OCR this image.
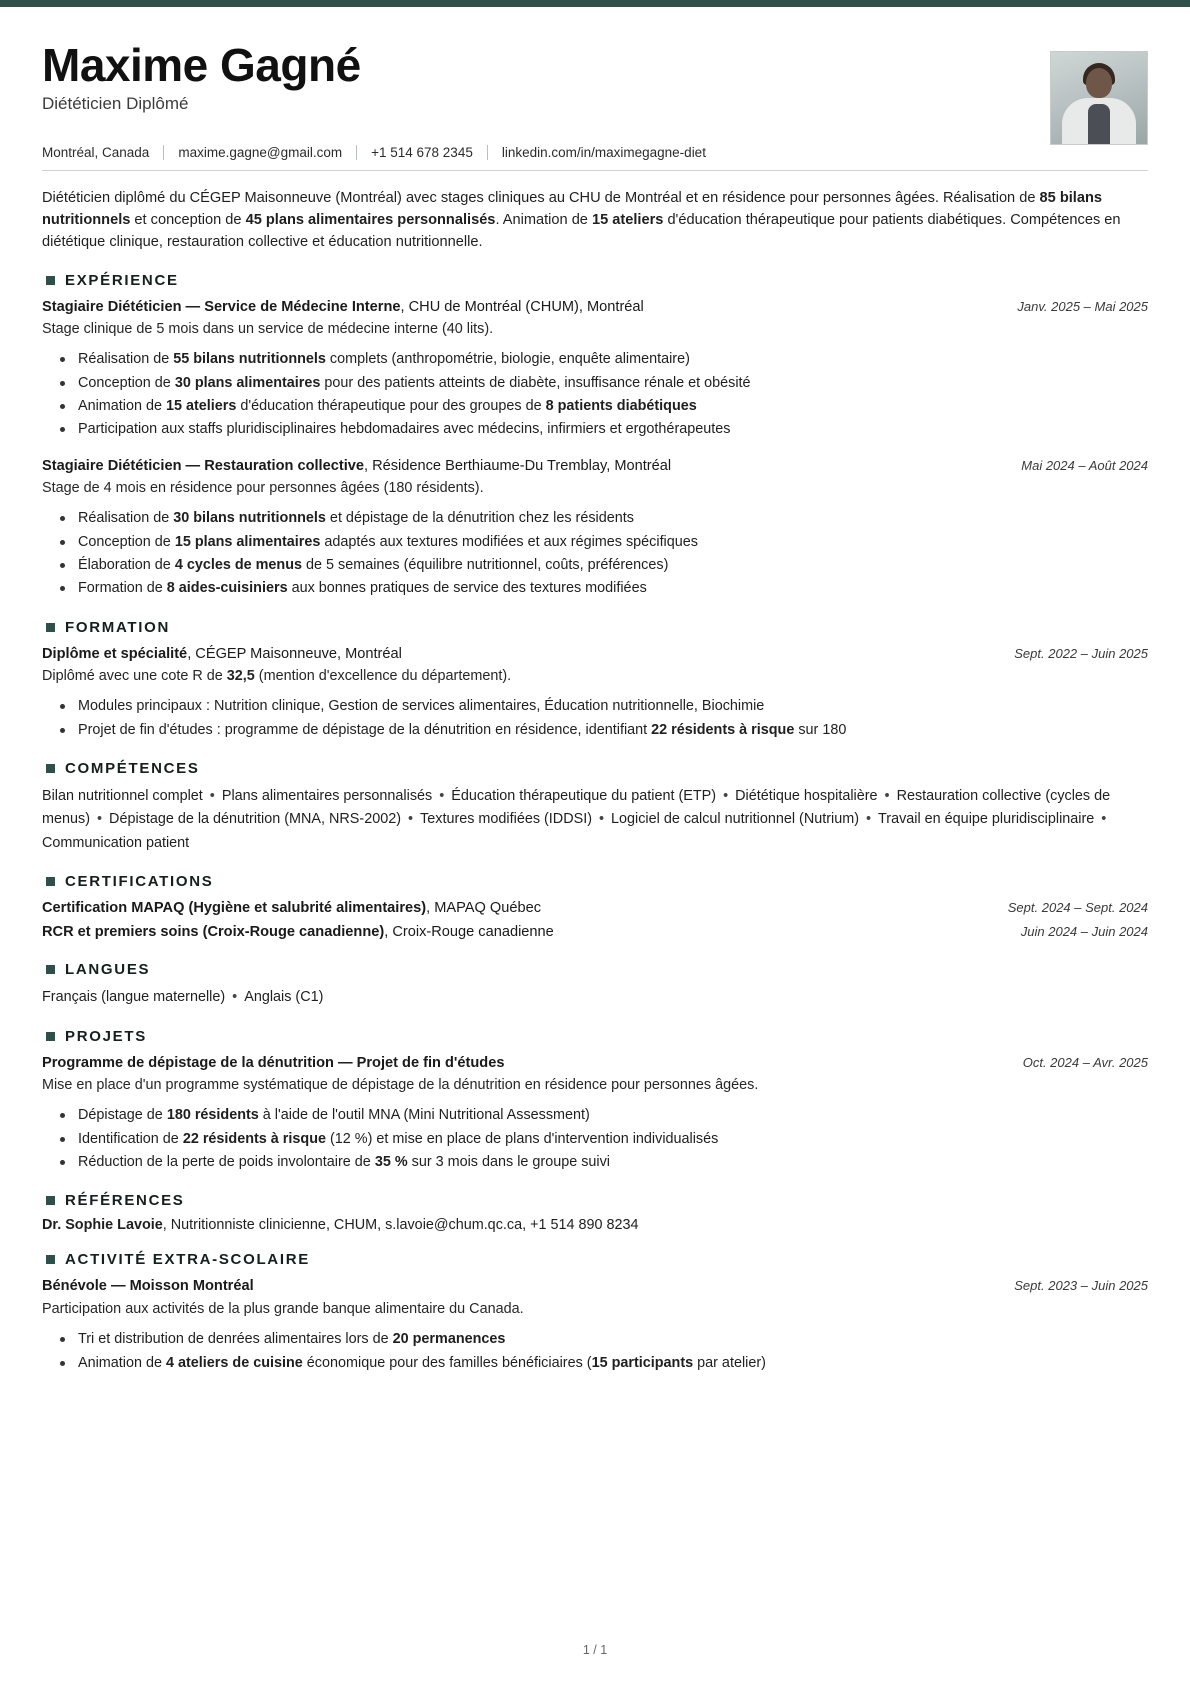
Maxime Gagné
Diététicien Diplômé
Montréal, Canada maxime.gagne@gmail.com +1 514 678 2345 linkedin.com/in/maximegagne-diet

Diététicien diplômé du CÉGEP Maisonneuve (Montréal) avec stages cliniques au CHU de Montréal et en résidence pour personnes âgées. Réalisation de 85 bilans nutritionnels et conception de 45 plans alimentaires personnalisés. Animation de 15 ateliers d'éducation thérapeutique pour patients diabétiques. Compétences en diététique clinique, restauration collective et éducation nutritionnelle.

EXPÉRIENCE
Stagiaire Diététicien — Service de Médecine Interne, CHU de Montréal (CHUM), Montréal	Janv. 2025 – Mai 2025
Stage clinique de 5 mois dans un service de médecine interne (40 lits).
Réalisation de 55 bilans nutritionnels complets (anthropométrie, biologie, enquête alimentaire)
Conception de 30 plans alimentaires pour des patients atteints de diabète, insuffisance rénale et obésité
Animation de 15 ateliers d'éducation thérapeutique pour des groupes de 8 patients diabétiques
Participation aux staffs pluridisciplinaires hebdomadaires avec médecins, infirmiers et ergothérapeutes
Stagiaire Diététicien — Restauration collective, Résidence Berthiaume-Du Tremblay, Montréal	Mai 2024 – Août 2024
Stage de 4 mois en résidence pour personnes âgées (180 résidents).
Réalisation de 30 bilans nutritionnels et dépistage de la dénutrition chez les résidents
Conception de 15 plans alimentaires adaptés aux textures modifiées et aux régimes spécifiques
Élaboration de 4 cycles de menus de 5 semaines (équilibre nutritionnel, coûts, préférences)
Formation de 8 aides-cuisiniers aux bonnes pratiques de service des textures modifiées
FORMATION
Diplôme et spécialité, CÉGEP Maisonneuve, Montréal	Sept. 2022 – Juin 2025
Diplômé avec une cote R de 32,5 (mention d'excellence du département).
Modules principaux : Nutrition clinique, Gestion de services alimentaires, Éducation nutritionnelle, Biochimie
Projet de fin d'études : programme de dépistage de la dénutrition en résidence, identifiant 22 résidents à risque sur 180
COMPÉTENCES
Bilan nutritionnel complet • Plans alimentaires personnalisés • Éducation thérapeutique du patient (ETP) • Diététique hospitalière • Restauration collective (cycles de menus) • Dépistage de la dénutrition (MNA, NRS-2002) • Textures modifiées (IDDSI) • Logiciel de calcul nutritionnel (Nutrium) • Travail en équipe pluridisciplinaire •Communication patient
CERTIFICATIONS
Certification MAPAQ (Hygiène et salubrité alimentaires), MAPAQ Québec	Sept. 2024 – Sept. 2024
RCR et premiers soins (Croix-Rouge canadienne), Croix-Rouge canadienne	Juin 2024 – Juin 2024
LANGUES
Français (langue maternelle) • Anglais (C1)
PROJETS
Programme de dépistage de la dénutrition — Projet de fin d'études	Oct. 2024 – Avr. 2025
Mise en place d'un programme systématique de dépistage de la dénutrition en résidence pour personnes âgées.
Dépistage de 180 résidents à l'aide de l'outil MNA (Mini Nutritional Assessment)
Identification de 22 résidents à risque (12 %) et mise en place de plans d'intervention individualisés
Réduction de la perte de poids involontaire de 35 % sur 3 mois dans le groupe suivi
RÉFÉRENCES
Dr. Sophie Lavoie, Nutritionniste clinicienne, CHUM, s.lavoie@chum.qc.ca, +1 514 890 8234
ACTIVITÉ EXTRA-SCOLAIRE
Bénévole — Moisson Montréal	Sept. 2023 – Juin 2025
Participation aux activités de la plus grande banque alimentaire du Canada.
Tri et distribution de denrées alimentaires lors de 20 permanences
Animation de 4 ateliers de cuisine économique pour des familles bénéficiaires (15 participants par atelier)
1 / 1
